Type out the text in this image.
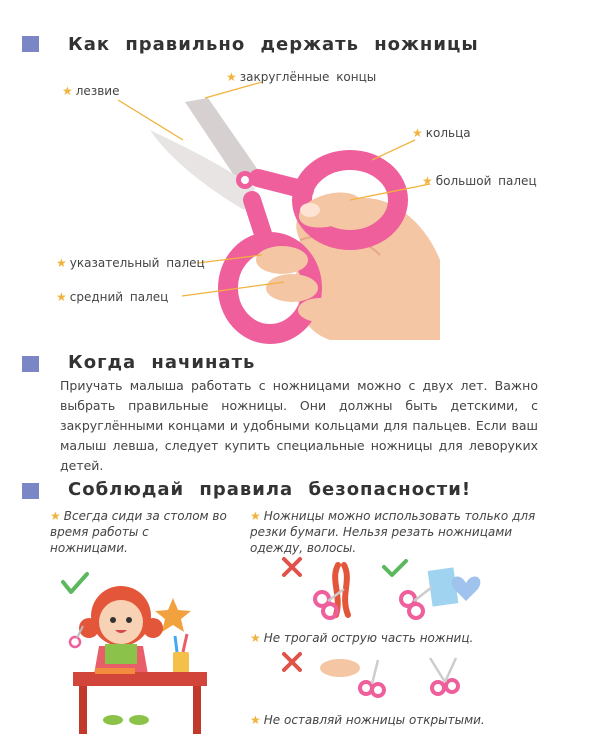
Как правильно держать ножницы
★ лезвие
★ закруглённые концы
★ кольца
★ большой палец
★ указательный палец
★ средний палец
Когда начинать
Приучать малыша работать с ножницами можно с двух лет. Важно выбрать правильные ножницы. Они должны быть детскими, с закруглёнными концами и удобными кольцами для пальцев. Если ваш малыш левша, следует купить специальные ножницы для леворуких детей.
Соблюдай правила безопасности!
★ Всегда сиди за столом во время работы с ножницами.
★ Ножницы можно использовать только для резки бумаги. Нельзя резать ножницами одежду, волосы.
★ Не трогай острую часть ножниц.
★ Не оставляй ножницы открытыми.
